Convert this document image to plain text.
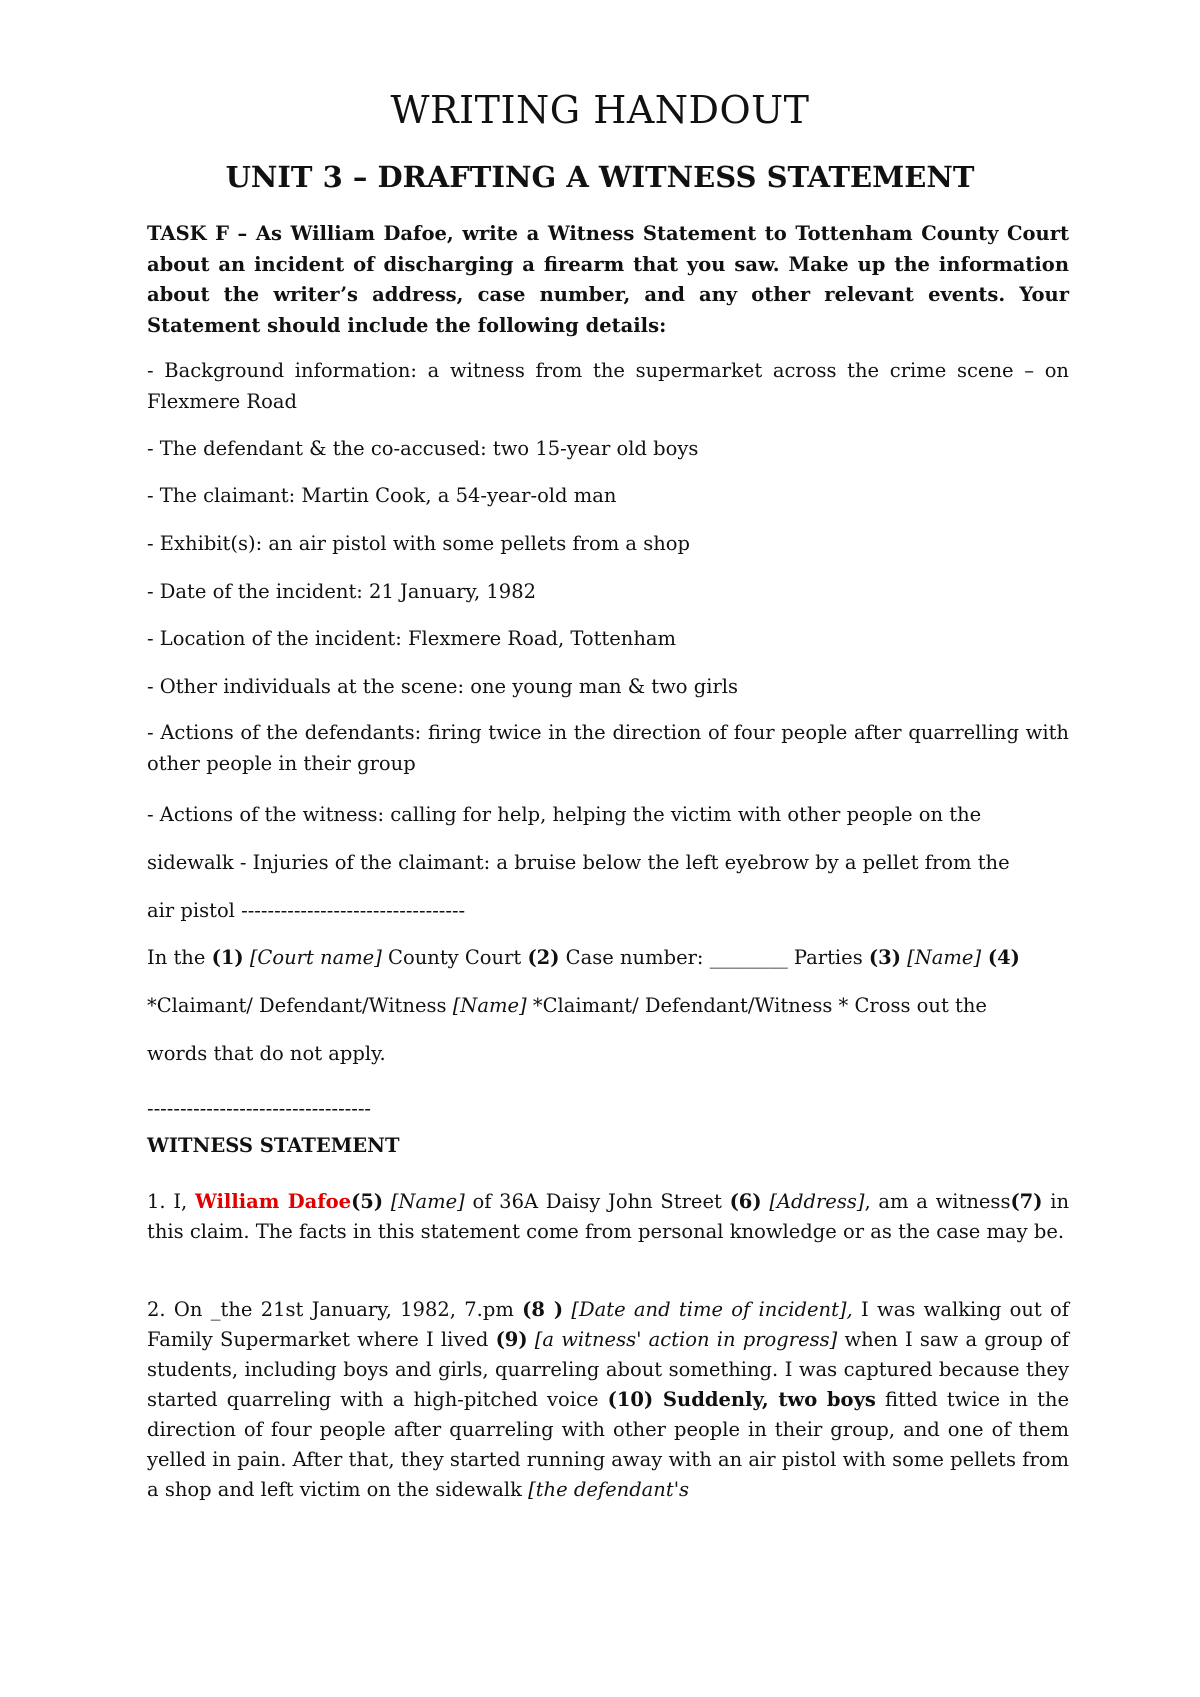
WRITING HANDOUT
UNIT 3 – DRAFTING A WITNESS STATEMENT
TASK F – As William Dafoe, write a Witness Statement to Tottenham County Court about an incident of discharging a firearm that you saw. Make up the information about the writer’s address, case number, and any other relevant events. Your Statement should include the following details:
- Background information: a witness from the supermarket across the crime scene – on Flexmere Road
- The defendant & the co-accused: two 15-year old boys
- The claimant: Martin Cook, a 54-year-old man
- Exhibit(s): an air pistol with some pellets from a shop
- Date of the incident: 21 January, 1982
- Location of the incident: Flexmere Road, Tottenham
- Other individuals at the scene: one young man & two girls
- Actions of the defendants: firing twice in the direction of four people after quarrelling with other people in their group
- Actions of the witness: calling for help, helping the victim with other people on the
sidewalk - Injuries of the claimant: a bruise below the left eyebrow by a pellet from the
air pistol ----------------------------------
In the (1) [Court name] County Court (2) Case number: ________ Parties (3) [Name] (4)
*Claimant/ Defendant/Witness [Name] *Claimant/ Defendant/Witness * Cross out the
words that do not apply.
----------------------------------
WITNESS STATEMENT
1. I, William Dafoe(5) [Name] of 36A Daisy John Street (6) [Address], am a witness(7) in this claim. The facts in this statement come from personal knowledge or as the case may be.
2. On _the 21st January, 1982, 7.pm (8 ) [Date and time of incident], I was walking out of Family Supermarket where I lived (9) [a witness' action in progress] when I saw a group of students, including boys and girls, quarreling about something. I was captured because they started quarreling with a high-pitched voice (10) Suddenly, two boys fitted twice in the direction of four people after quarreling with other people in their group, and one of them yelled in pain. After that, they started running away with an air pistol with some pellets from a shop and left victim on the sidewalk [the defendant's
